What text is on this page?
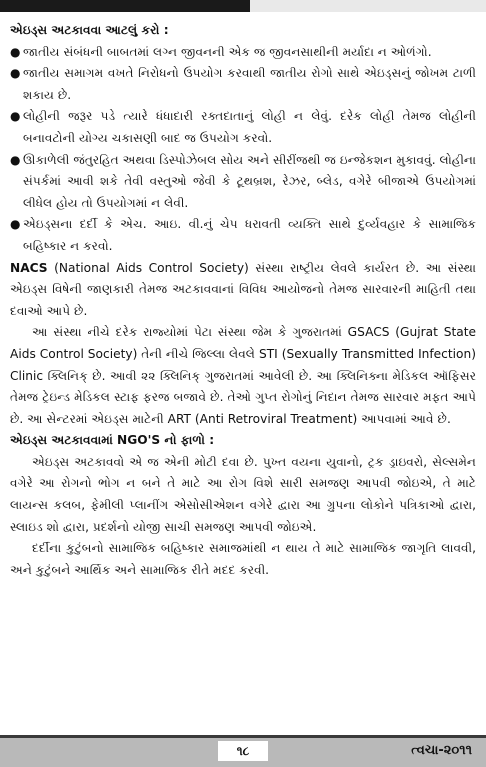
એઇડ્સ અટકાવવા આટલું કરો :

● જાતીય સંબંધની બાબતમાં લગ્ન જીવનની એક જ જીવનસાથીની મર્યાદા ન ઓળંગો.
● જાતીય સમાગમ વખતે નિરોધનો ઉપયોગ કરવાથી જાતીય રોગો સાથે એઇડ્સનું જોખમ ટાળી શકાય છે.
● લોહીની જરૂર પડે ત્યારે ધંધાદારી રક્તદાતાનું લોહી ન લેવું. દરેક લોહી તેમજ લોહીની બનાવટોની યોગ્ય ચકાસણી બાદ જ ઉપયોગ કરવો.
● ઊકાળેલી જંતુરહિત અથવા ડિસ્પોઝેબલ સોય અને સીરીંજથી જ ઇન્જેકશન મુકાવવું. લોહીના સંપર્કમાં આવી શકે તેવી વસ્તુઓ જેવી કે ટૂથબ્રશ, રેઝર, બ્લેડ, વગેરે બીજાએ ઉપયોગમાં લીધેલ હોય તો ઉપયોગમાં ન લેવી.
● એઇડ્સના દર્દી કે એચ. આઇ. વી.નું ચેપ ધરાવતી વ્યક્તિ સાથે દુર્વ્યવહાર કે સામાજિક બહિષ્કાર ન કરવો.

NACS (National Aids Control Society) સંસ્થા રાષ્ટ્રીય લેવલે કાર્યરત છે. આ સંસ્થા એઇડ્સ વિષેની જાણકારી તેમજ અટકાવવાનાં વિવિધ આયોજનો તેમજ સારવારની માહિતી તથા દવાઓ આપે છે.

આ સંસ્થા નીચે દરેક રાજ્યોમાં પેટા સંસ્થા જેમ કે ગુજરાતમાં GSACS (Gujrat State Aids Control Society) તેની નીચે જિલ્લા લેવલે STI (Sexually Transmitted Infection) Clinic ક્લિનિક્ છે. આવી ૨૨ ક્લિનિક્ ગુજરાતમાં આવેલી છે. આ ક્લિનિક્ના મેડિકલ ઑફિસર તેમજ ટ્રેઇન્ડ મેડિકલ સ્ટાફ ફરજ બજાવે છે. તેઓ ગુપ્ત રોગોનું નિદાન તેમજ સારવાર મફત આપે છે. આ સેન્ટરમાં એઇડ્સ માટેની ART (Anti Retroviral Treatment) આપવામાં આવે છે.

એઇડ્સ અટકાવવામાં NGO'S નો ફાળો :

એઇડ્સ અટકાવવો એ જ એની મોટી દવા છે. પુખ્ત વયના યુવાનો, ટ્રક ડ્રાઇવરો, સેલ્સમેન વગેરે આ રોગનો ભોગ ન બને તે માટે આ રોગ વિશે સારી સમજણ આપવી જોઇએ, તે માટે લાયન્સ કલબ, ફેમીલી પ્લાનીંગ એસોસીએશન વગેરે દ્વારા આ ગ્રુપના લોકોને પત્રિકાઓ દ્વારા, સ્લાઇડ શો દ્વારા, પ્રદર્શનો યોજી સાચી સમજણ આપવી જોઇએ.

દર્દીના કુટુંબનો સામાજિક બહિષ્કાર સમાજમાંથી ન થાય તે માટે સામાજિક જાગૃતિ લાવવી, અને કુટુંબને આર્થિક અને સામાજિક રીતે મદદ કરવી.

૧૮	ત્વચા-૨૦૧૧
